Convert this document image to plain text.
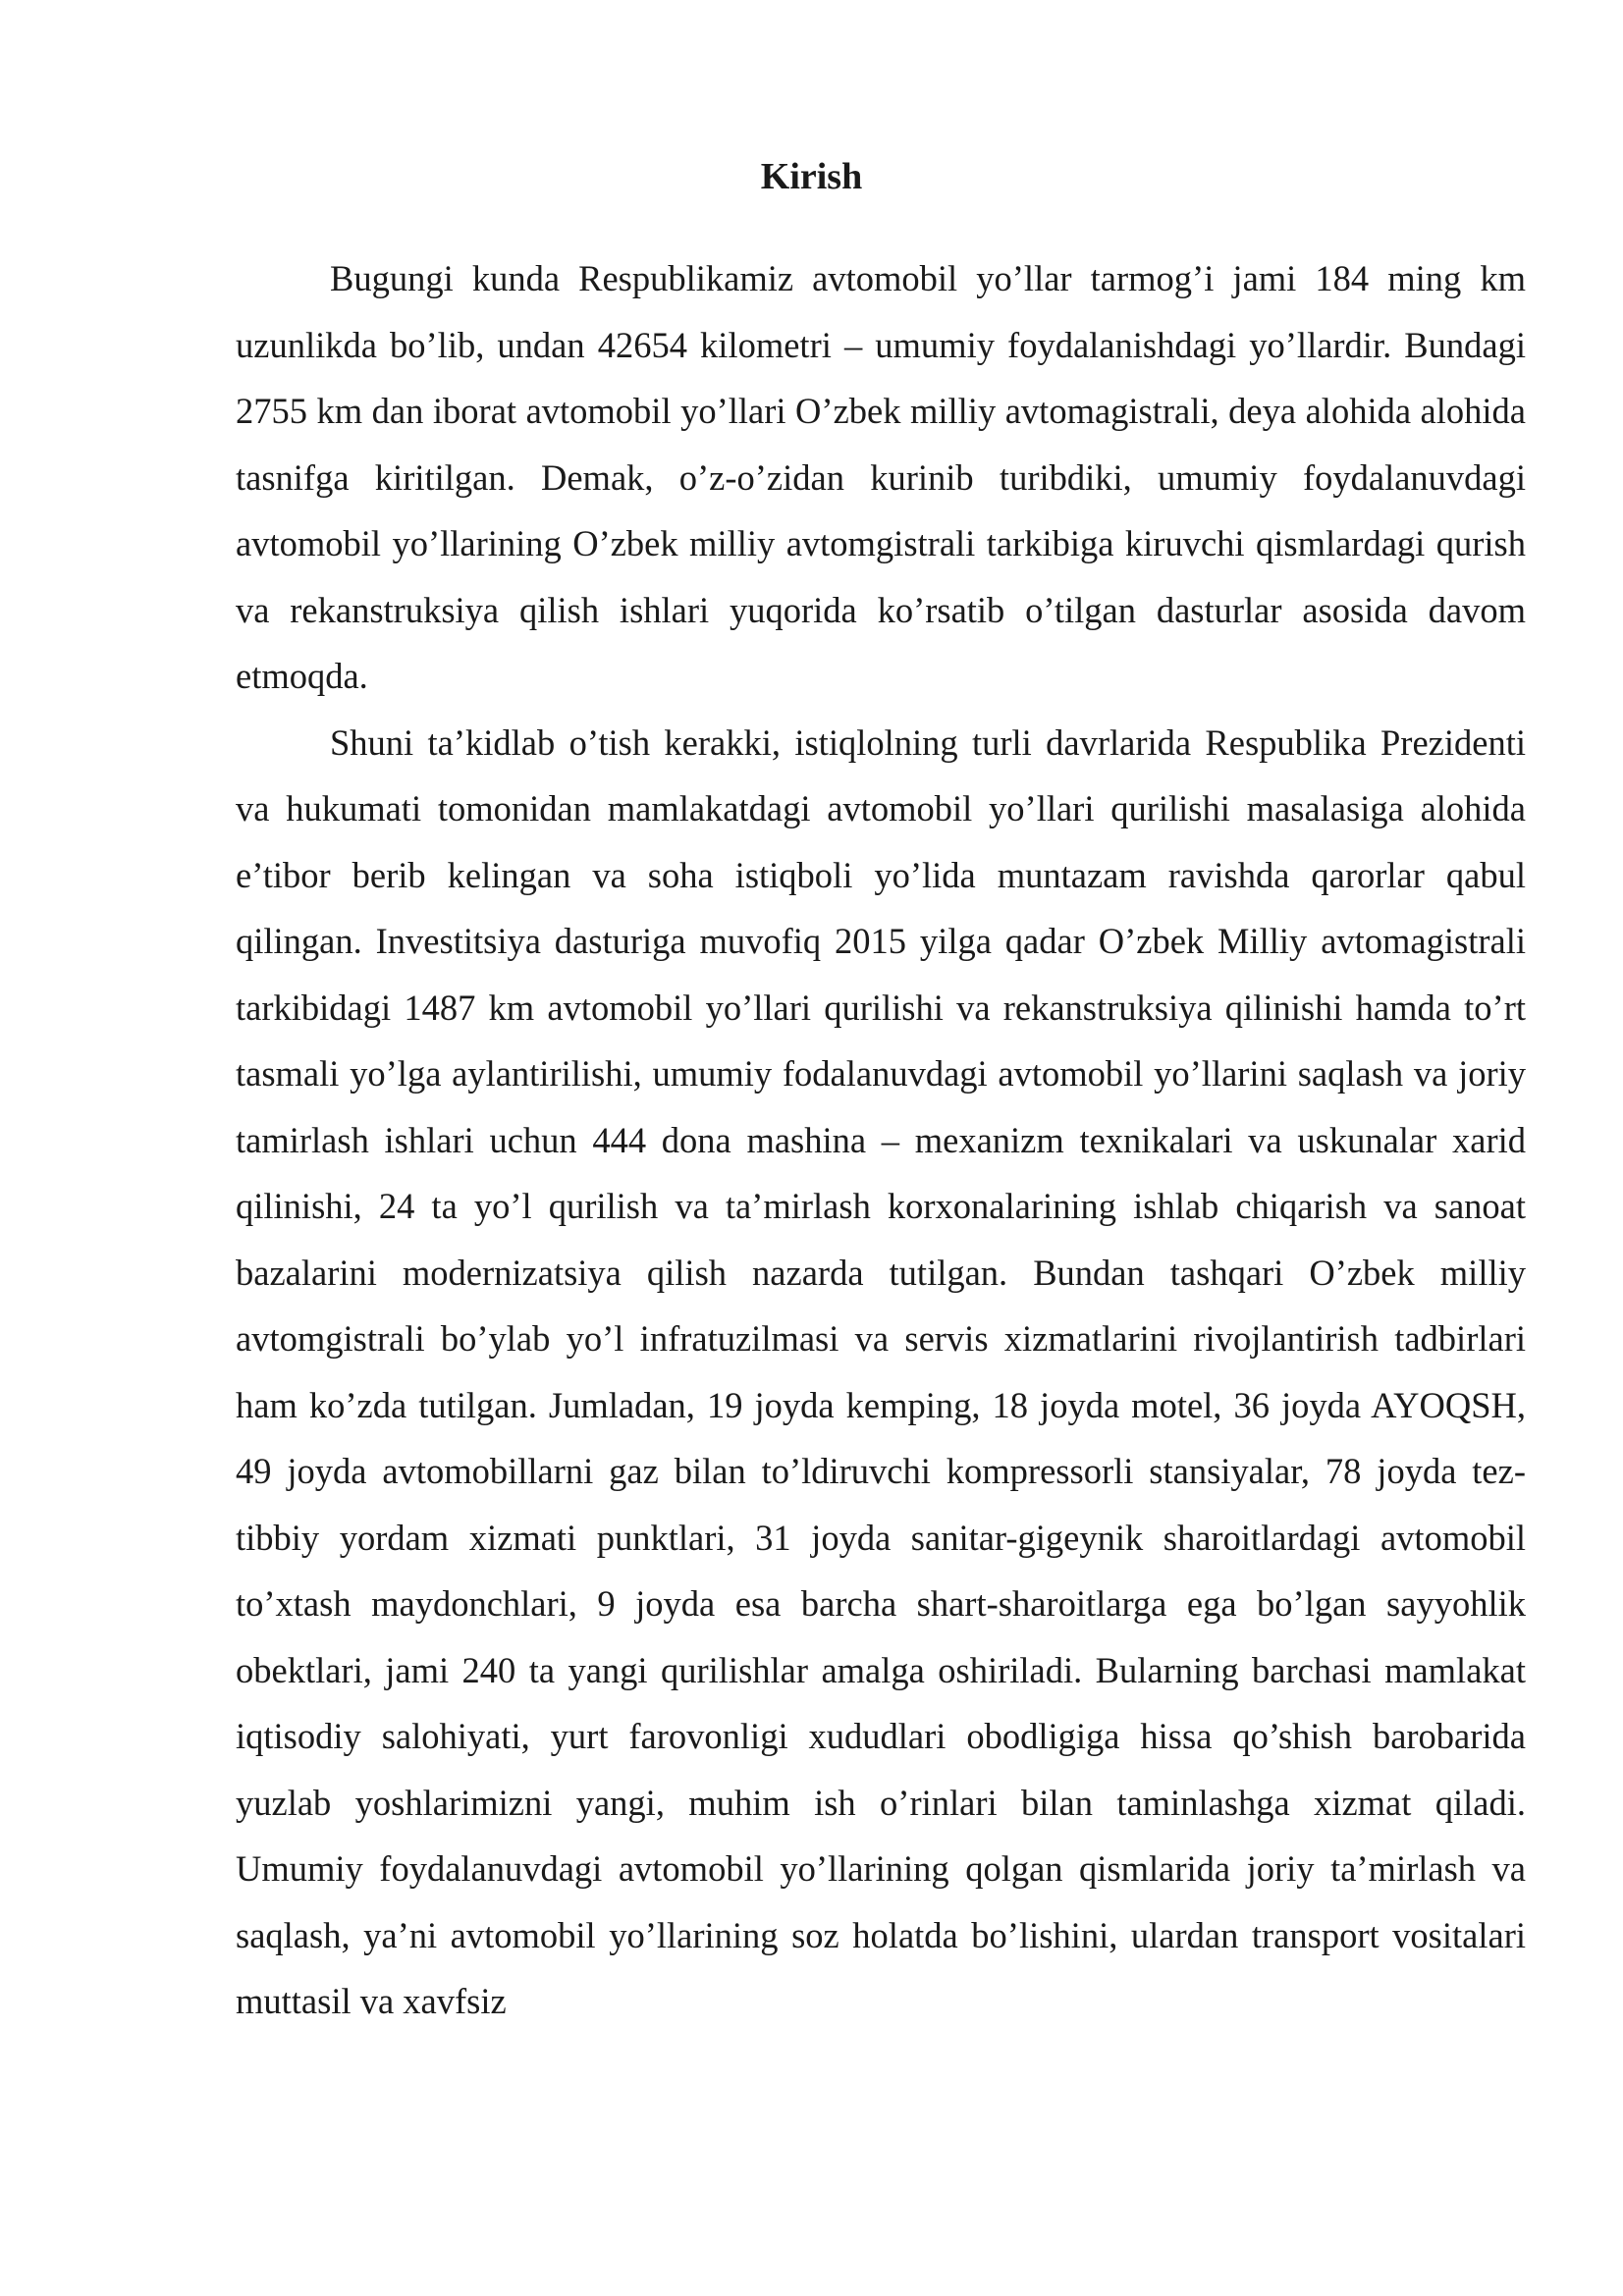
Kirish

Bugungi kunda Respublikamiz avtomobil yo’llar tarmog’i jami 184 ming km uzunlikda bo’lib, undan 42654 kilometri – umumiy foydalanishdagi yo’llardir. Bundagi 2755 km dan iborat avtomobil yo’llari O’zbek milliy avtomagistrali, deya alohida alohida tasnifga kiritilgan. Demak, o’z-o’zidan kurinib turibdiki, umumiy foydalanuvdagi avtomobil yo’llarining O’zbek milliy avtomgistrali tarkibiga kiruvchi qismlardagi qurish va rekanstruksiya qilish ishlari yuqorida ko’rsatib o’tilgan dasturlar asosida davom etmoqda.

Shuni ta’kidlab o’tish kerakki, istiqlolning turli davrlarida Respublika Prezidenti va hukumati tomonidan mamlakatdagi avtomobil yo’llari qurilishi masalasiga alohida e’tibor berib kelingan va soha istiqboli yo’lida muntazam ravishda qarorlar qabul qilingan. Investitsiya dasturiga muvofiq 2015 yilga qadar O’zbek Milliy avtomagistrali tarkibidagi 1487 km avtomobil yo’llari qurilishi va rekanstruksiya qilinishi hamda to’rt tasmali yo’lga aylantirilishi, umumiy fodalanuvdagi avtomobil yo’llarini saqlash va joriy tamirlash ishlari uchun 444 dona mashina – mexanizm texnikalari va uskunalar xarid qilinishi, 24 ta yo’l qurilish va ta’mirlash korxonalarining ishlab chiqarish va sanoat bazalarini modernizatsiya qilish nazarda tutilgan. Bundan tashqari O’zbek milliy avtomgistrali bo’ylab yo’l infratuzilmasi va servis xizmatlarini rivojlantirish tadbirlari ham ko’zda tutilgan. Jumladan, 19 joyda kemping, 18 joyda motel, 36 joyda AYOQSH, 49 joyda avtomobillarni gaz bilan to’ldiruvchi kompressorli stansiyalar, 78 joyda tez-tibbiy yordam xizmati punktlari, 31 joyda sanitar-gigeynik sharoitlardagi avtomobil to’xtash maydonchlari, 9 joyda esa barcha shart-sharoitlarga ega bo’lgan sayyohlik obektlari, jami 240 ta yangi qurilishlar amalga oshiriladi. Bularning barchasi mamlakat iqtisodiy salohiyati, yurt farovonligi xududlari obodligiga hissa qo’shish barobarida yuzlab yoshlarimizni yangi, muhim ish o’rinlari bilan taminlashga xizmat qiladi. Umumiy foydalanuvdagi avtomobil yo’llarining qolgan qismlarida joriy ta’mirlash va saqlash, ya’ni avtomobil yo’llarining soz holatda bo’lishini, ulardan transport vositalari muttasil va xavfsiz
